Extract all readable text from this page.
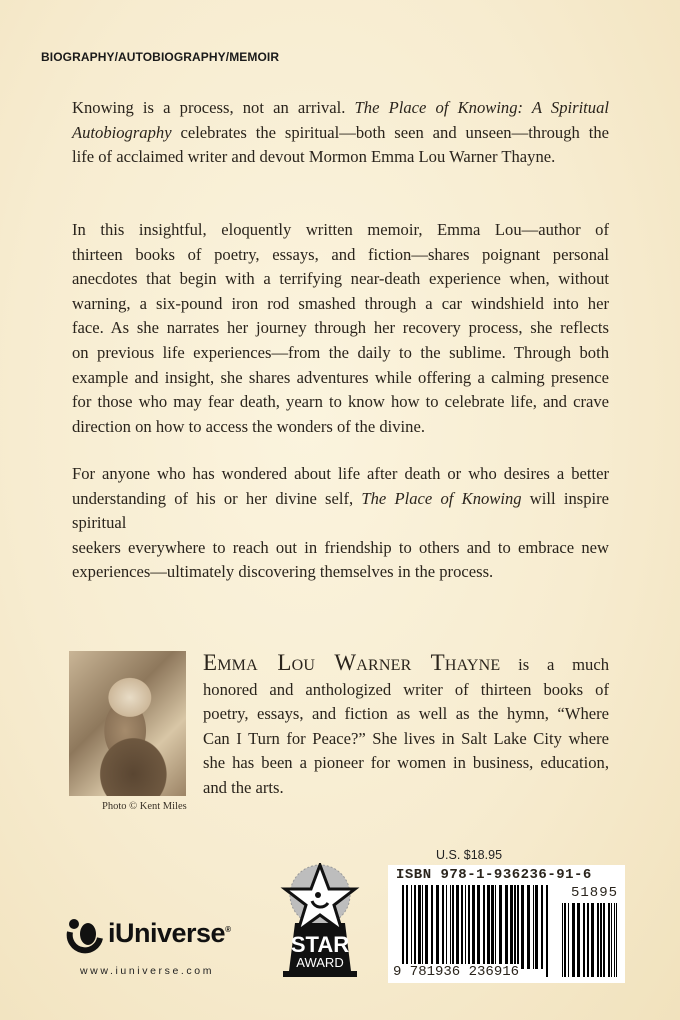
BIOGRAPHY/AUTOBIOGRAPHY/MEMOIR
Knowing is a process, not an arrival. The Place of Knowing: A Spiritual
Autobiography celebrates the spiritual—both seen and unseen—through the
life of acclaimed writer and devout Mormon Emma Lou Warner Thayne.
In this insightful, eloquently written memoir, Emma Lou—author of
thirteen books of poetry, essays, and fiction—shares poignant personal
anecdotes that begin with a terrifying near-death experience when, without
warning, a six-pound iron rod smashed through a car windshield into her
face. As she narrates her journey through her recovery process, she reflects
on previous life experiences—from the daily to the sublime. Through both
example and insight, she shares adventures while offering a calming presence
for those who may fear death, yearn to know how to celebrate life, and crave
direction on how to access the wonders of the divine.
For anyone who has wondered about life after death or who desires a better
understanding of his or her divine self, The Place of Knowing will inspire spiritual
seekers everywhere to reach out in friendship to others and to embrace new
experiences—ultimately discovering themselves in the process.
Photo © Kent Miles
Emma Lou Warner Thayne is a much
honored and anthologized writer of thirteen books of
poetry, essays, and fiction as well as the hymn, “Where
Can I Turn for Peace?” She lives in Salt Lake City where
she has been a pioneer for women in business, education,
and the arts.
iUniverse®
www.iuniverse.com
STAR
AWARD
U.S. $18.95
ISBN 978-1-936236-91-6
51895
9 781936 236916
